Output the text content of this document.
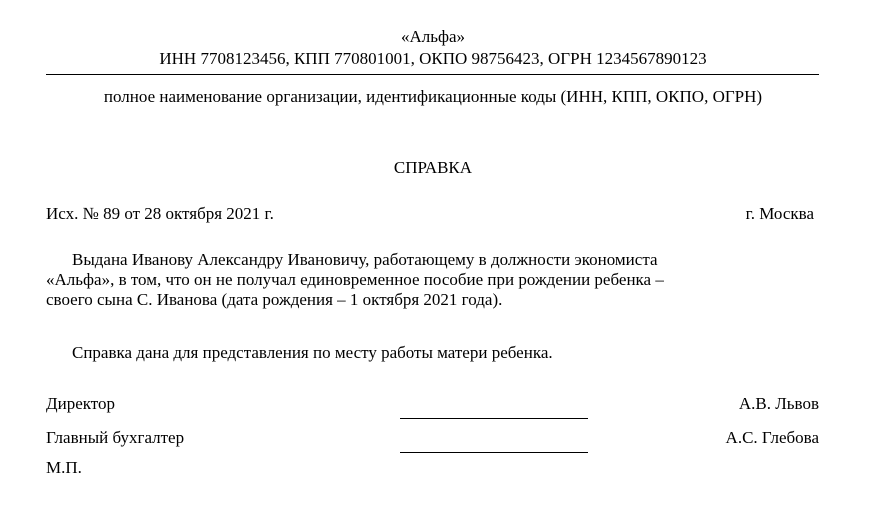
«Альфа»
ИНН 7708123456, КПП 770801001, ОКПО 98756423, ОГРН 1234567890123
полное наименование организации, идентификационные коды (ИНН, КПП, ОКПО, ОГРН)
СПРАВКА
Исх. № 89 от 28 октября 2021 г.	г. Москва
Выдана Иванову Александру Ивановичу, работающему в должности экономиста
«Альфа», в том, что он не получал единовременное пособие при рождении ребенка –
своего сына С. Иванова (дата рождения – 1 октября 2021 года).
Справка дана для представления по месту работы матери ребенка.
Директор	А.В. Львов
Главный бухгалтер	А.С. Глебова
М.П.
